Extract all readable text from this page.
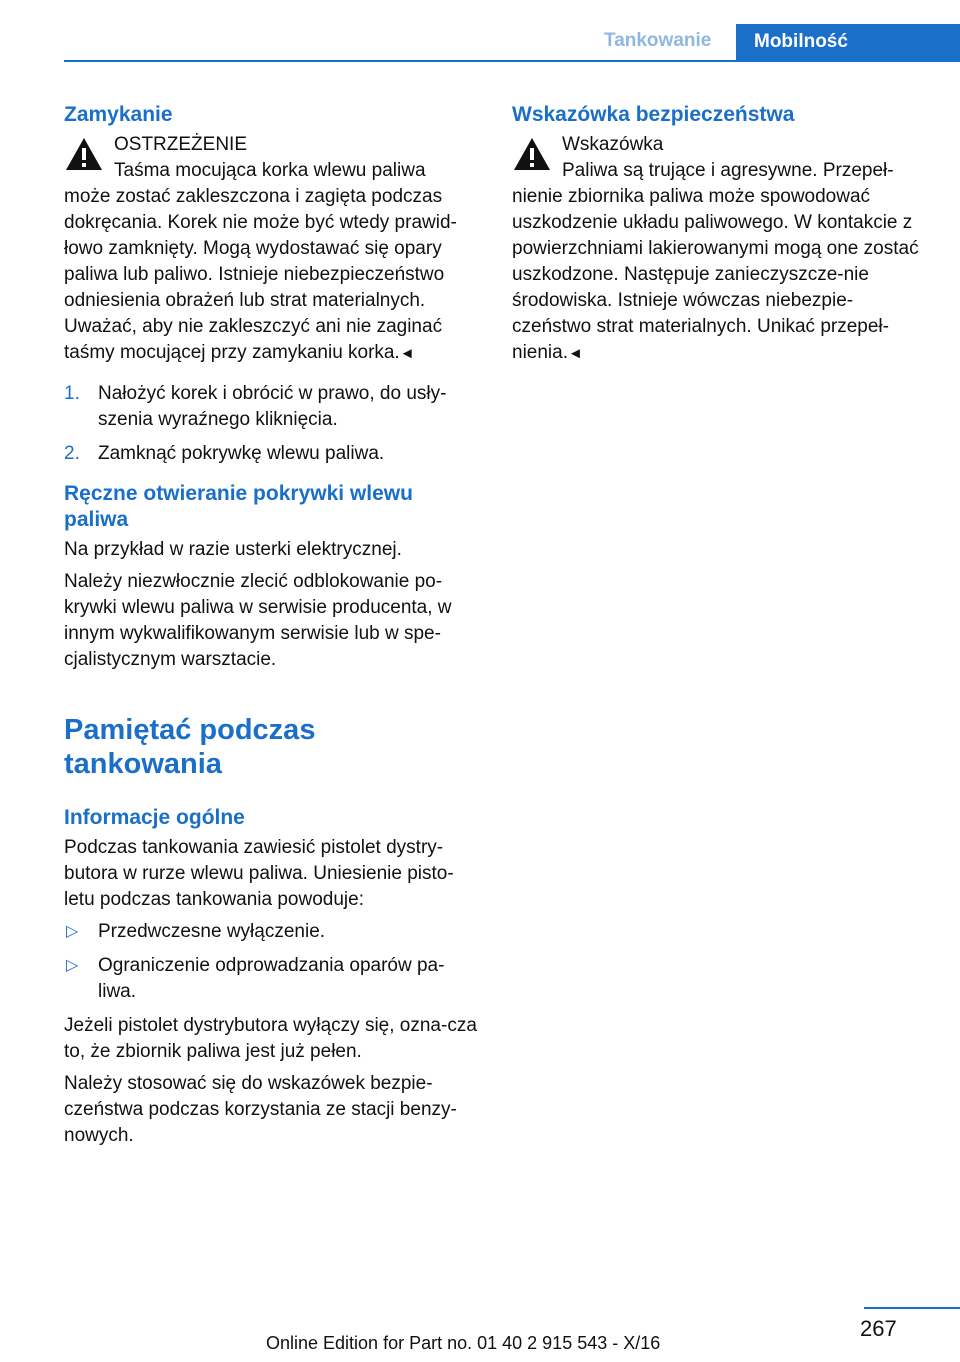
Tankowanie	Mobilność
Zamykanie

OSTRZEŻENIE

Taśma mocująca korka wlewu paliwa

może zostać zakleszczona i zagięta podczas dokręcania. Korek nie może być wtedy prawid‐łowo zamknięty. Mogą wydostawać się opary paliwa lub paliwo. Istnieje niebezpieczeństwo odniesienia obrażeń lub strat materialnych. Uważać, aby nie zakleszczyć ani nie zaginać taśmy mocującej przy zamykaniu korka.◄

1. Nałożyć korek i obrócić w prawo, do usły‐szenia wyraźnego kliknięcia.
2. Zamknąć pokrywkę wlewu paliwa.
Ręczne otwieranie pokrywki wlewu paliwa

Na przykład w razie usterki elektrycznej.

Należy niezwłocznie zlecić odblokowanie po‐krywki wlewu paliwa w serwisie producenta, w innym wykwalifikowanym serwisie lub w spe‐cjalistycznym warsztacie.

Pamiętać podczas tankowania
Informacje ogólne

Podczas tankowania zawiesić pistolet dystry‐butora w rurze wlewu paliwa. Uniesienie pisto‐letu podczas tankowania powoduje:

▷ Przedwczesne wyłączenie.
▷ Ograniczenie odprowadzania oparów pa‐liwa.

Jeżeli pistolet dystrybutora wyłączy się, ozna‐cza to, że zbiornik paliwa jest już pełen.

Należy stosować się do wskazówek bezpie‐czeństwa podczas korzystania ze stacji benzy‐nowych.

Wskazówka bezpieczeństwa

Wskazówka

Paliwa są trujące i agresywne. Przepeł‐

nienie zbiornika paliwa może spowodować uszkodzenie układu paliwowego. W kontakcie z powierzchniami lakierowanymi mogą one zostać uszkodzone. Następuje zanieczyszcze‐nie środowiska. Istnieje wówczas niebezpie‐czeństwo strat materialnych. Unikać przepeł‐nienia.◄

267
Online Edition for Part no. 01 40 2 915 543 - X/16
